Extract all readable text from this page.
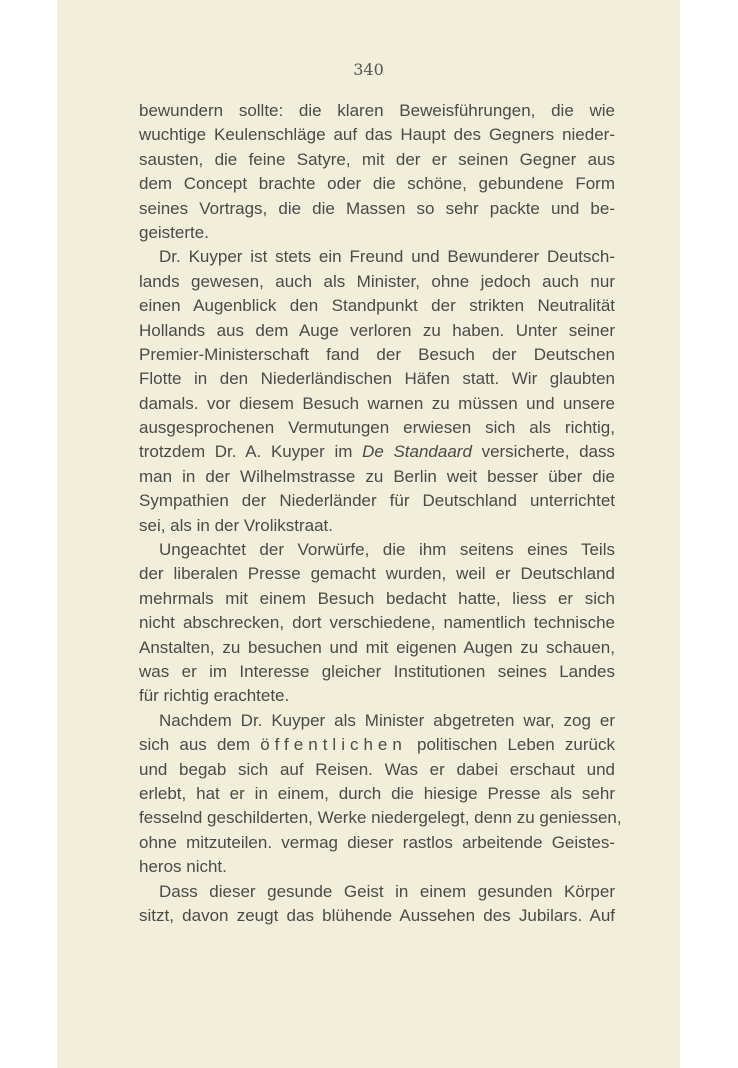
340
bewundern sollte: die klaren Beweisführungen, die wie
wuchtige Keulenschläge auf das Haupt des Gegners nieder-
sausten, die feine Satyre, mit der er seinen Gegner aus
dem Concept brachte oder die schöne, gebundene Form
seines Vortrags, die die Massen so sehr packte und be-
geisterte.
Dr. Kuyper ist stets ein Freund und Bewunderer Deutsch-
lands gewesen, auch als Minister, ohne jedoch auch nur
einen Augenblick den Standpunkt der strikten Neutralität
Hollands aus dem Auge verloren zu haben. Unter seiner
Premier-Ministerschaft fand der Besuch der Deutschen
Flotte in den Niederländischen Häfen statt. Wir glaubten
damals. vor diesem Besuch warnen zu müssen und unsere
ausgesprochenen Vermutungen erwiesen sich als richtig,
trotzdem Dr. A. Kuyper im De Standaard versicherte, dass
man in der Wilhelmstrasse zu Berlin weit besser über die
Sympathien der Niederländer für Deutschland unterrichtet
sei, als in der Vrolikstraat.
Ungeachtet der Vorwürfe, die ihm seitens eines Teils
der liberalen Presse gemacht wurden, weil er Deutschland
mehrmals mit einem Besuch bedacht hatte, liess er sich
nicht abschrecken, dort verschiedene, namentlich technische
Anstalten, zu besuchen und mit eigenen Augen zu schauen,
was er im Interesse gleicher Institutionen seines Landes
für richtig erachtete.
Nachdem Dr. Kuyper als Minister abgetreten war, zog er
sich aus dem öffentlichen politischen Leben zurück
und begab sich auf Reisen. Was er dabei erschaut und
erlebt, hat er in einem, durch die hiesige Presse als sehr
fesselnd geschilderten, Werke niedergelegt, denn zu geniessen,
ohne mitzuteilen. vermag dieser rastlos arbeitende Geistes-
heros nicht.
Dass dieser gesunde Geist in einem gesunden Körper
sitzt, davon zeugt das blühende Aussehen des Jubilars. Auf
